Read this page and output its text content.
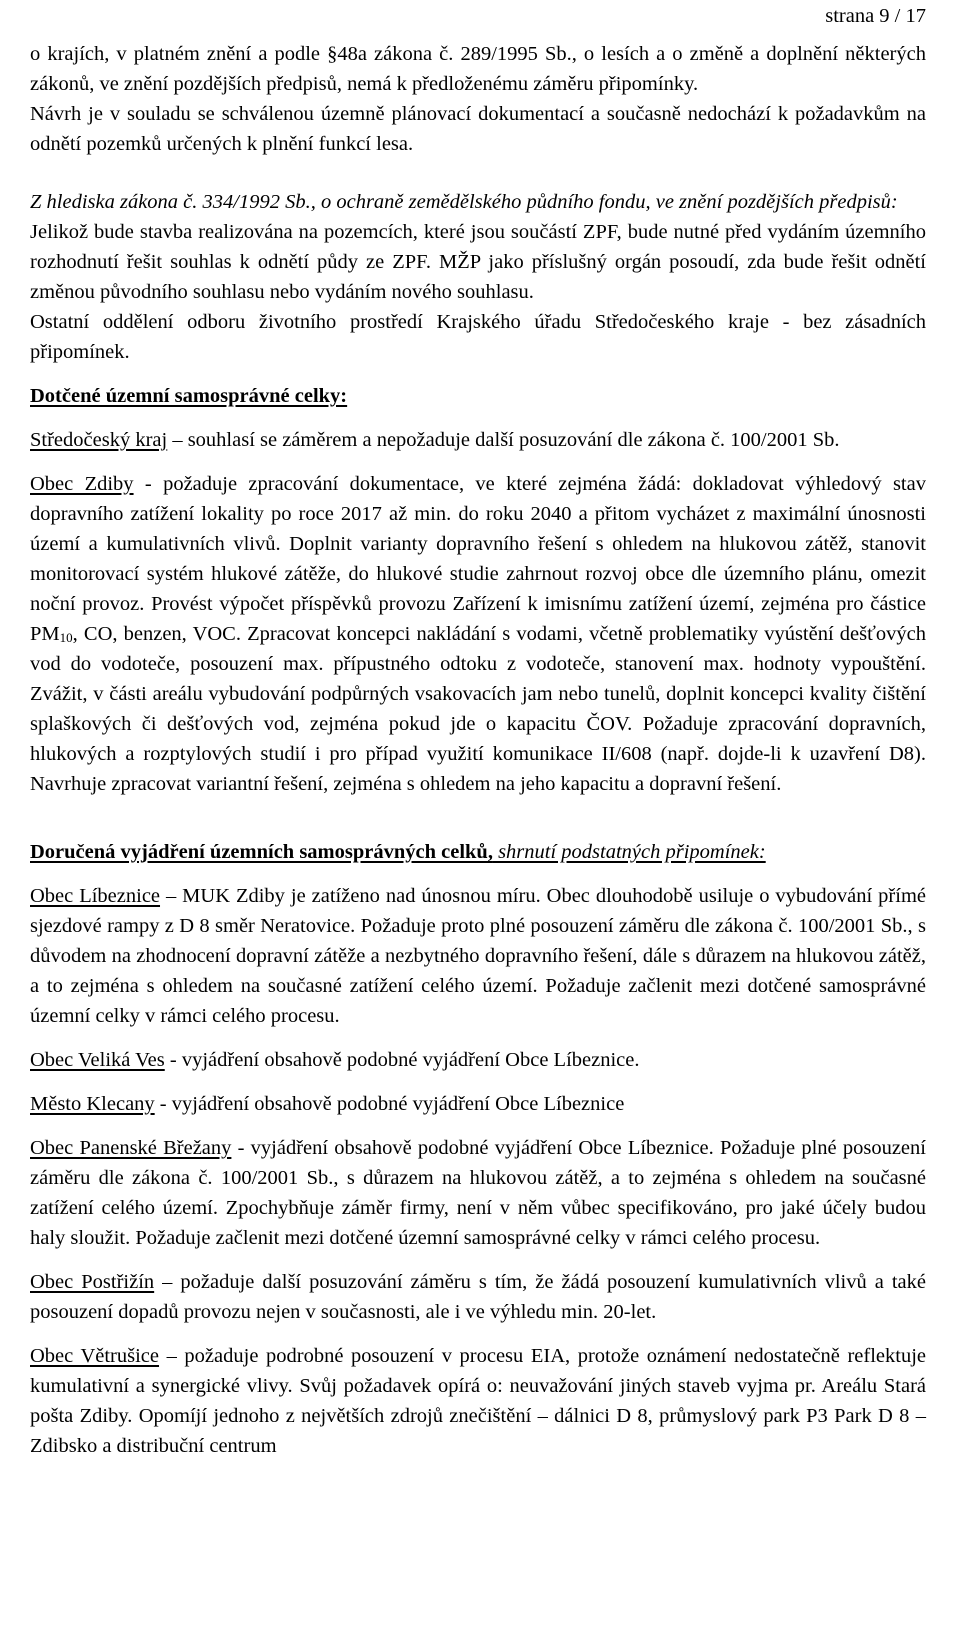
strana 9 / 17

o krajích, v platném znění a podle §48a zákona č. 289/1995 Sb., o lesích a o změně a doplnění některých zákonů, ve znění pozdějších předpisů, nemá k předloženému záměru připomínky.

Návrh je v souladu se schválenou územně plánovací dokumentací a současně nedochází k požadavkům na odnětí pozemků určených k plnění funkcí lesa.

Z hlediska zákona č. 334/1992 Sb., o ochraně zemědělského půdního fondu, ve znění pozdějších předpisů:

Jelikož bude stavba realizována na pozemcích, které jsou součástí ZPF, bude nutné před vydáním územního rozhodnutí řešit souhlas k odnětí půdy ze ZPF. MŽP jako příslušný orgán posoudí, zda bude řešit odnětí změnou původního souhlasu nebo vydáním nového souhlasu.

Ostatní oddělení odboru životního prostředí Krajského úřadu Středočeského kraje - bez zásadních připomínek.

Dotčené územní samosprávné celky:

Středočeský kraj – souhlasí se záměrem a nepožaduje další posuzování dle zákona č. 100/2001 Sb.

Obec Zdiby - požaduje zpracování dokumentace, ve které zejména žádá: dokladovat výhledový stav dopravního zatížení lokality po roce 2017 až min. do roku 2040 a přitom vycházet z maximální únosnosti území a kumulativních vlivů. Doplnit varianty dopravního řešení s ohledem na hlukovou zátěž, stanovit monitorovací systém hlukové zátěže, do hlukové studie zahrnout rozvoj obce dle územního plánu, omezit noční provoz. Provést výpočet příspěvků provozu Zařízení k imisnímu zatížení území, zejména pro částice $PM_{10}$, CO, benzen, VOC. Zpracovat koncepci nakládání s vodami, včetně problematiky vyústění dešťových vod do vodoteče, posouzení max. přípustného odtoku z vodoteče, stanovení max. hodnoty vypouštění. Zvážit, v části areálu vybudování podpůrných vsakovacích jam nebo tunelů, doplnit koncepci kvality čištění splaškových či dešťových vod, zejména pokud jde o kapacitu ČOV. Požaduje zpracování dopravních, hlukových a rozptylových studií i pro případ využití komunikace II/608 (např. dojde-li k uzavření D8). Navrhuje zpracovat variantní řešení, zejména s ohledem na jeho kapacitu a dopravní řešení.

Doručená vyjádření územních samosprávných celků, shrnutí podstatných připomínek:

Obec Líbeznice – MUK Zdiby je zatíženo nad únosnou míru. Obec dlouhodobě usiluje o vybudování přímé sjezdové rampy z D 8 směr Neratovice. Požaduje proto plné posouzení záměru dle zákona č. 100/2001 Sb., s důvodem na zhodnocení dopravní zátěže a nezbytného dopravního řešení, dále s důrazem na hlukovou zátěž, a to zejména s ohledem na současné zatížení celého území. Požaduje začlenit mezi dotčené samosprávné územní celky v rámci celého procesu.

Obec Veliká Ves - vyjádření obsahově podobné vyjádření Obce Líbeznice.

Město Klecany - vyjádření obsahově podobné vyjádření Obce Líbeznice

Obec Panenské Břežany - vyjádření obsahově podobné vyjádření Obce Líbeznice. Požaduje plné posouzení záměru dle zákona č. 100/2001 Sb., s důrazem na hlukovou zátěž, a to zejména s ohledem na současné zatížení celého území. Zpochybňuje záměr firmy, není v něm vůbec specifikováno, pro jaké účely budou haly sloužit. Požaduje začlenit mezi dotčené územní samosprávné celky v rámci celého procesu.

Obec Postřižín – požaduje další posuzování záměru s tím, že žádá posouzení kumulativních vlivů a také posouzení dopadů provozu nejen v současnosti, ale i ve výhledu min. 20-let.

Obec Větrušice – požaduje podrobné posouzení v procesu EIA, protože oznámení nedostatečně reflektuje kumulativní a synergické vlivy. Svůj požadavek opírá o: neuvažování jiných staveb vyjma pr. Areálu Stará pošta Zdiby. Opomíjí jednoho z největších zdrojů znečištění – dálnici D 8, průmyslový park P3 Park D 8 – Zdibsko a distribuční centrum
